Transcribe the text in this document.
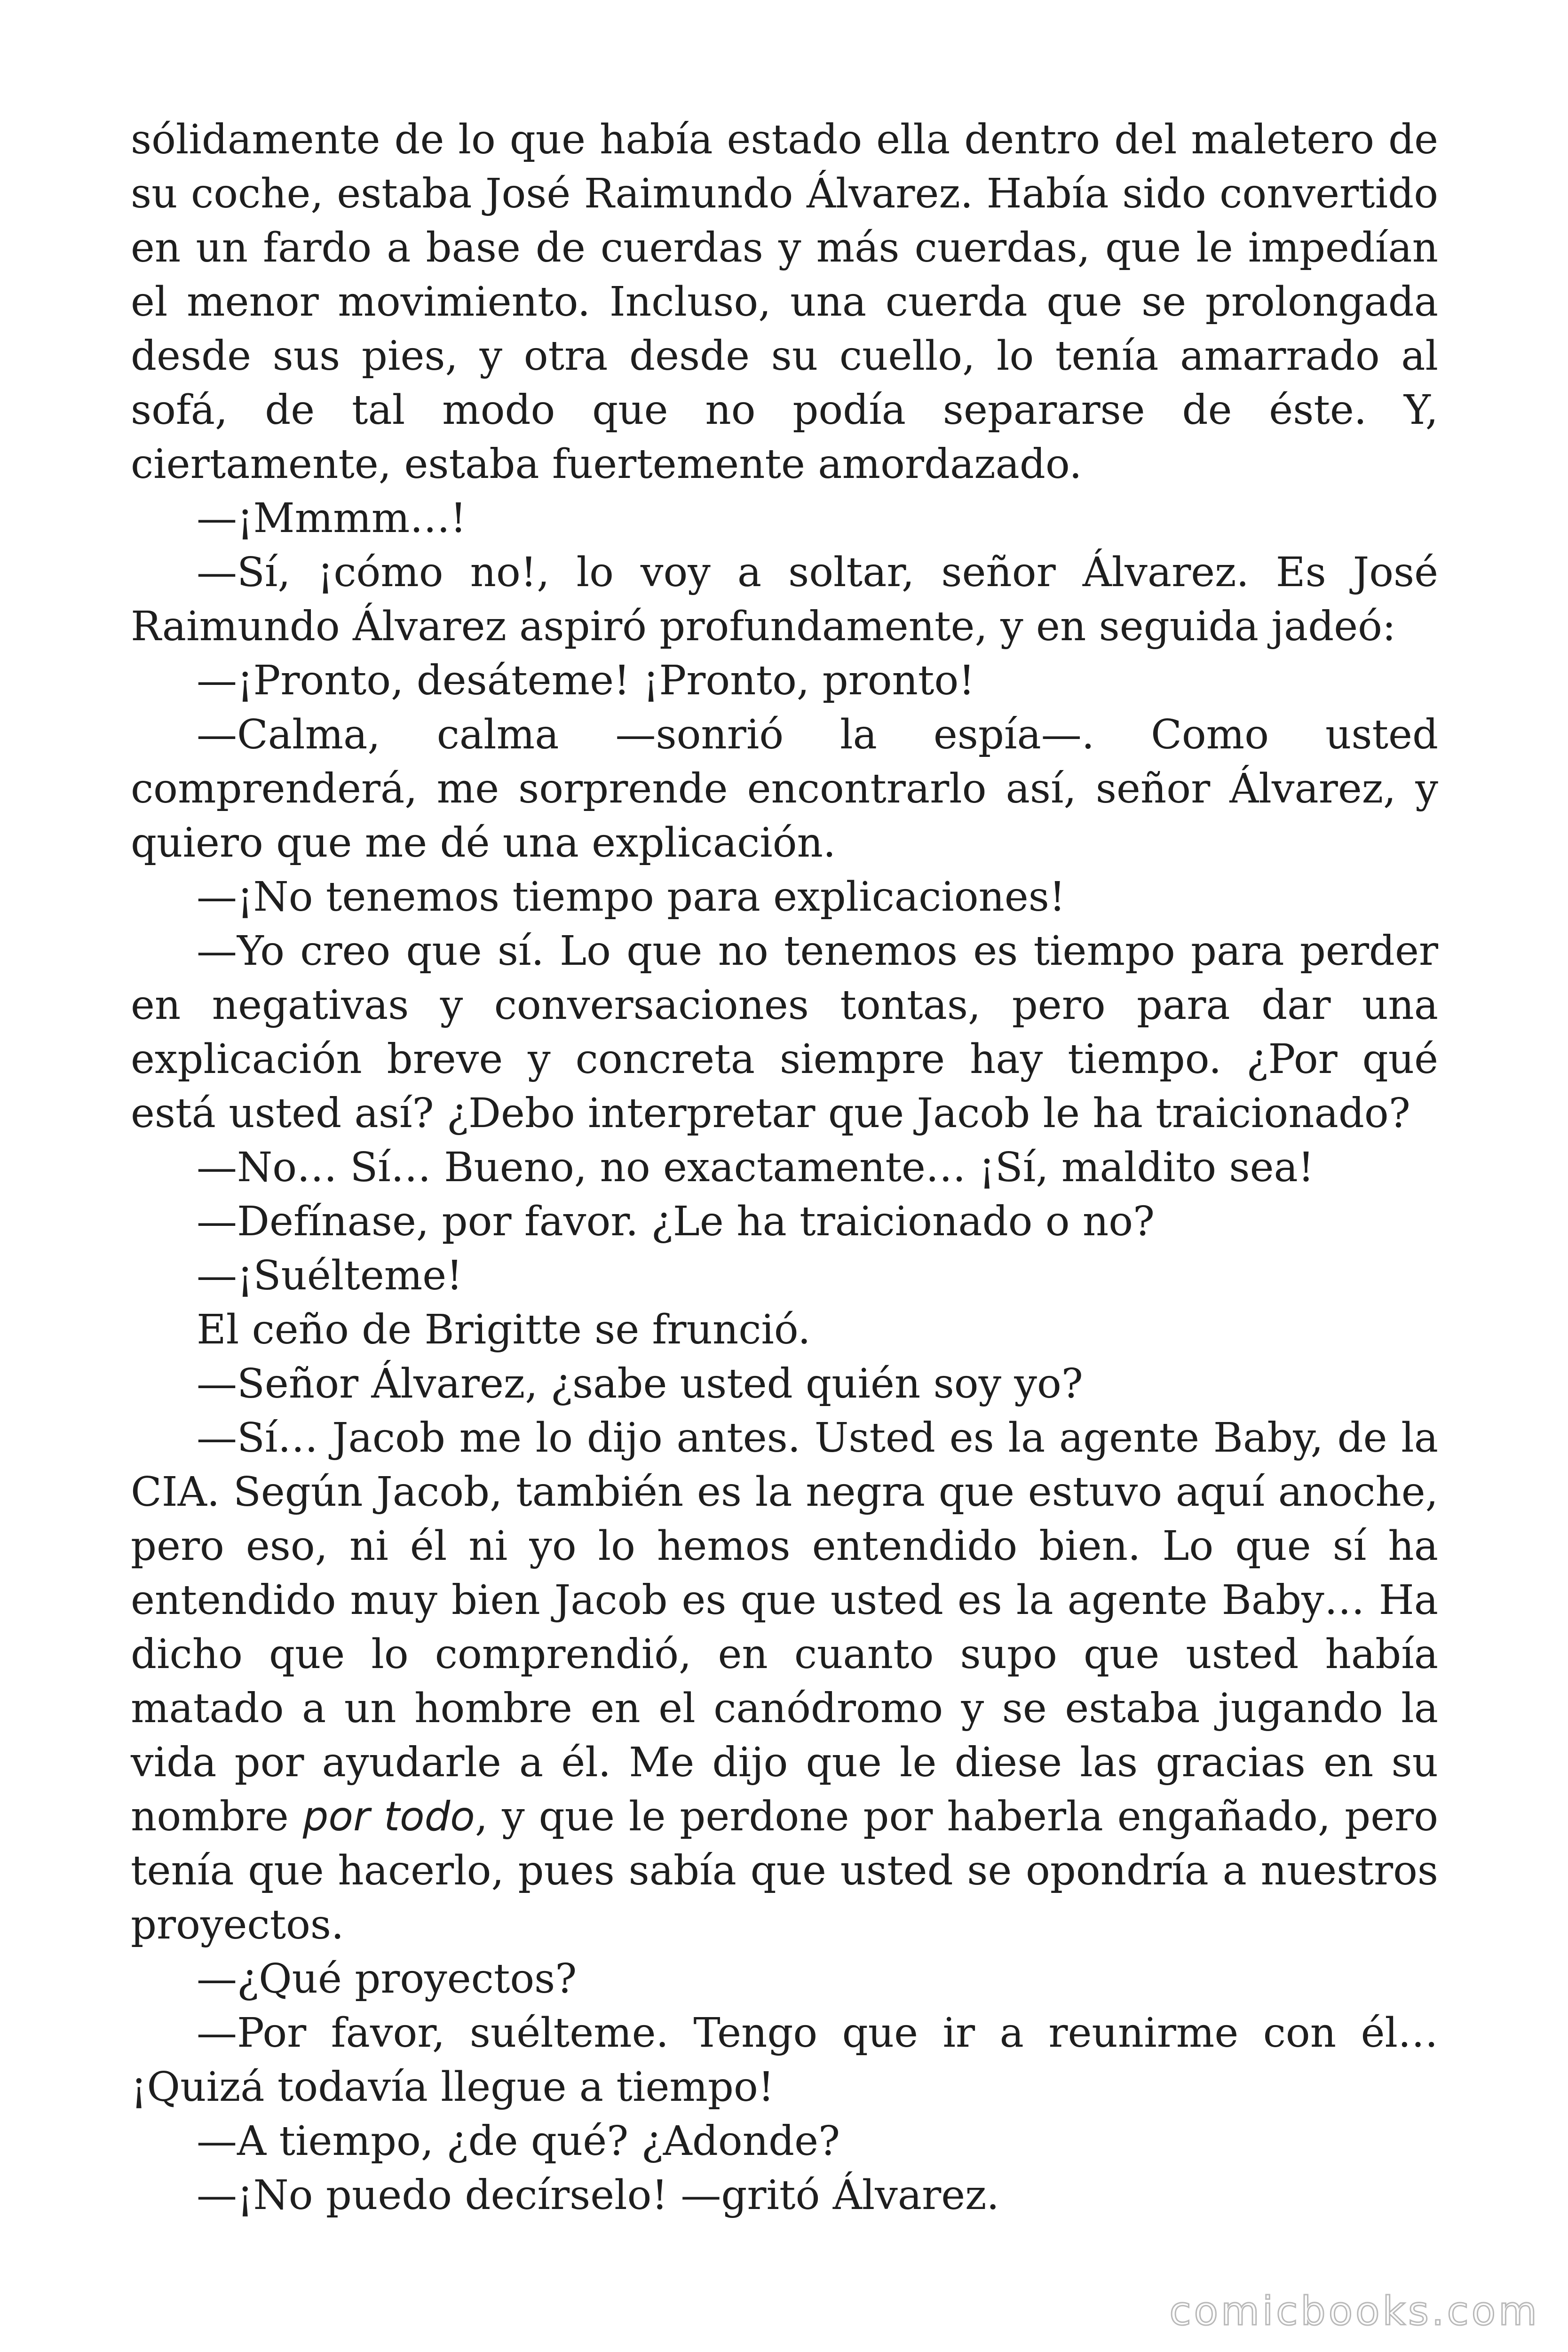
sólidamente de lo que había estado ella dentro del maletero de su coche, estaba José Raimundo Álvarez. Había sido convertido en un fardo a base de cuerdas y más cuerdas, que le impedían el menor movimiento. Incluso, una cuerda que se prolongada desde sus pies, y otra desde su cuello, lo tenía amarrado al sofá, de tal modo que no podía separarse de éste. Y, ciertamente, estaba fuertemente amordazado.

—¡Mmmm…!

—Sí, ¡cómo no!, lo voy a soltar, señor Álvarez. Es José Raimundo Álvarez aspiró profundamente, y en seguida jadeó:

—¡Pronto, desáteme! ¡Pronto, pronto!

—Calma, calma —sonrió la espía—. Como usted comprenderá, me sorprende encontrarlo así, señor Álvarez, y quiero que me dé una explicación.

—¡No tenemos tiempo para explicaciones!

—Yo creo que sí. Lo que no tenemos es tiempo para perder en negativas y conversaciones tontas, pero para dar una explicación breve y concreta siempre hay tiempo. ¿Por qué está usted así? ¿Debo interpretar que Jacob le ha traicionado?

—No… Sí… Bueno, no exactamente… ¡Sí, maldito sea!

—Defínase, por favor. ¿Le ha traicionado o no?

—¡Suélteme!

El ceño de Brigitte se frunció.

—Señor Álvarez, ¿sabe usted quién soy yo?

—Sí… Jacob me lo dijo antes. Usted es la agente Baby, de la CIA. Según Jacob, también es la negra que estuvo aquí anoche, pero eso, ni él ni yo lo hemos entendido bien. Lo que sí ha entendido muy bien Jacob es que usted es la agente Baby… Ha dicho que lo comprendió, en cuanto supo que usted había matado a un hombre en el canódromo y se estaba jugando la vida por ayudarle a él. Me dijo que le diese las gracias en su nombre por todo, y que le perdone por haberla engañado, pero tenía que hacerlo, pues sabía que usted se opondría a nuestros proyectos.

—¿Qué proyectos?

—Por favor, suélteme. Tengo que ir a reunirme con él… ¡Quizá todavía llegue a tiempo!

—A tiempo, ¿de qué? ¿Adonde?

—¡No puedo decírselo! —gritó Álvarez.

comicbooks.com
